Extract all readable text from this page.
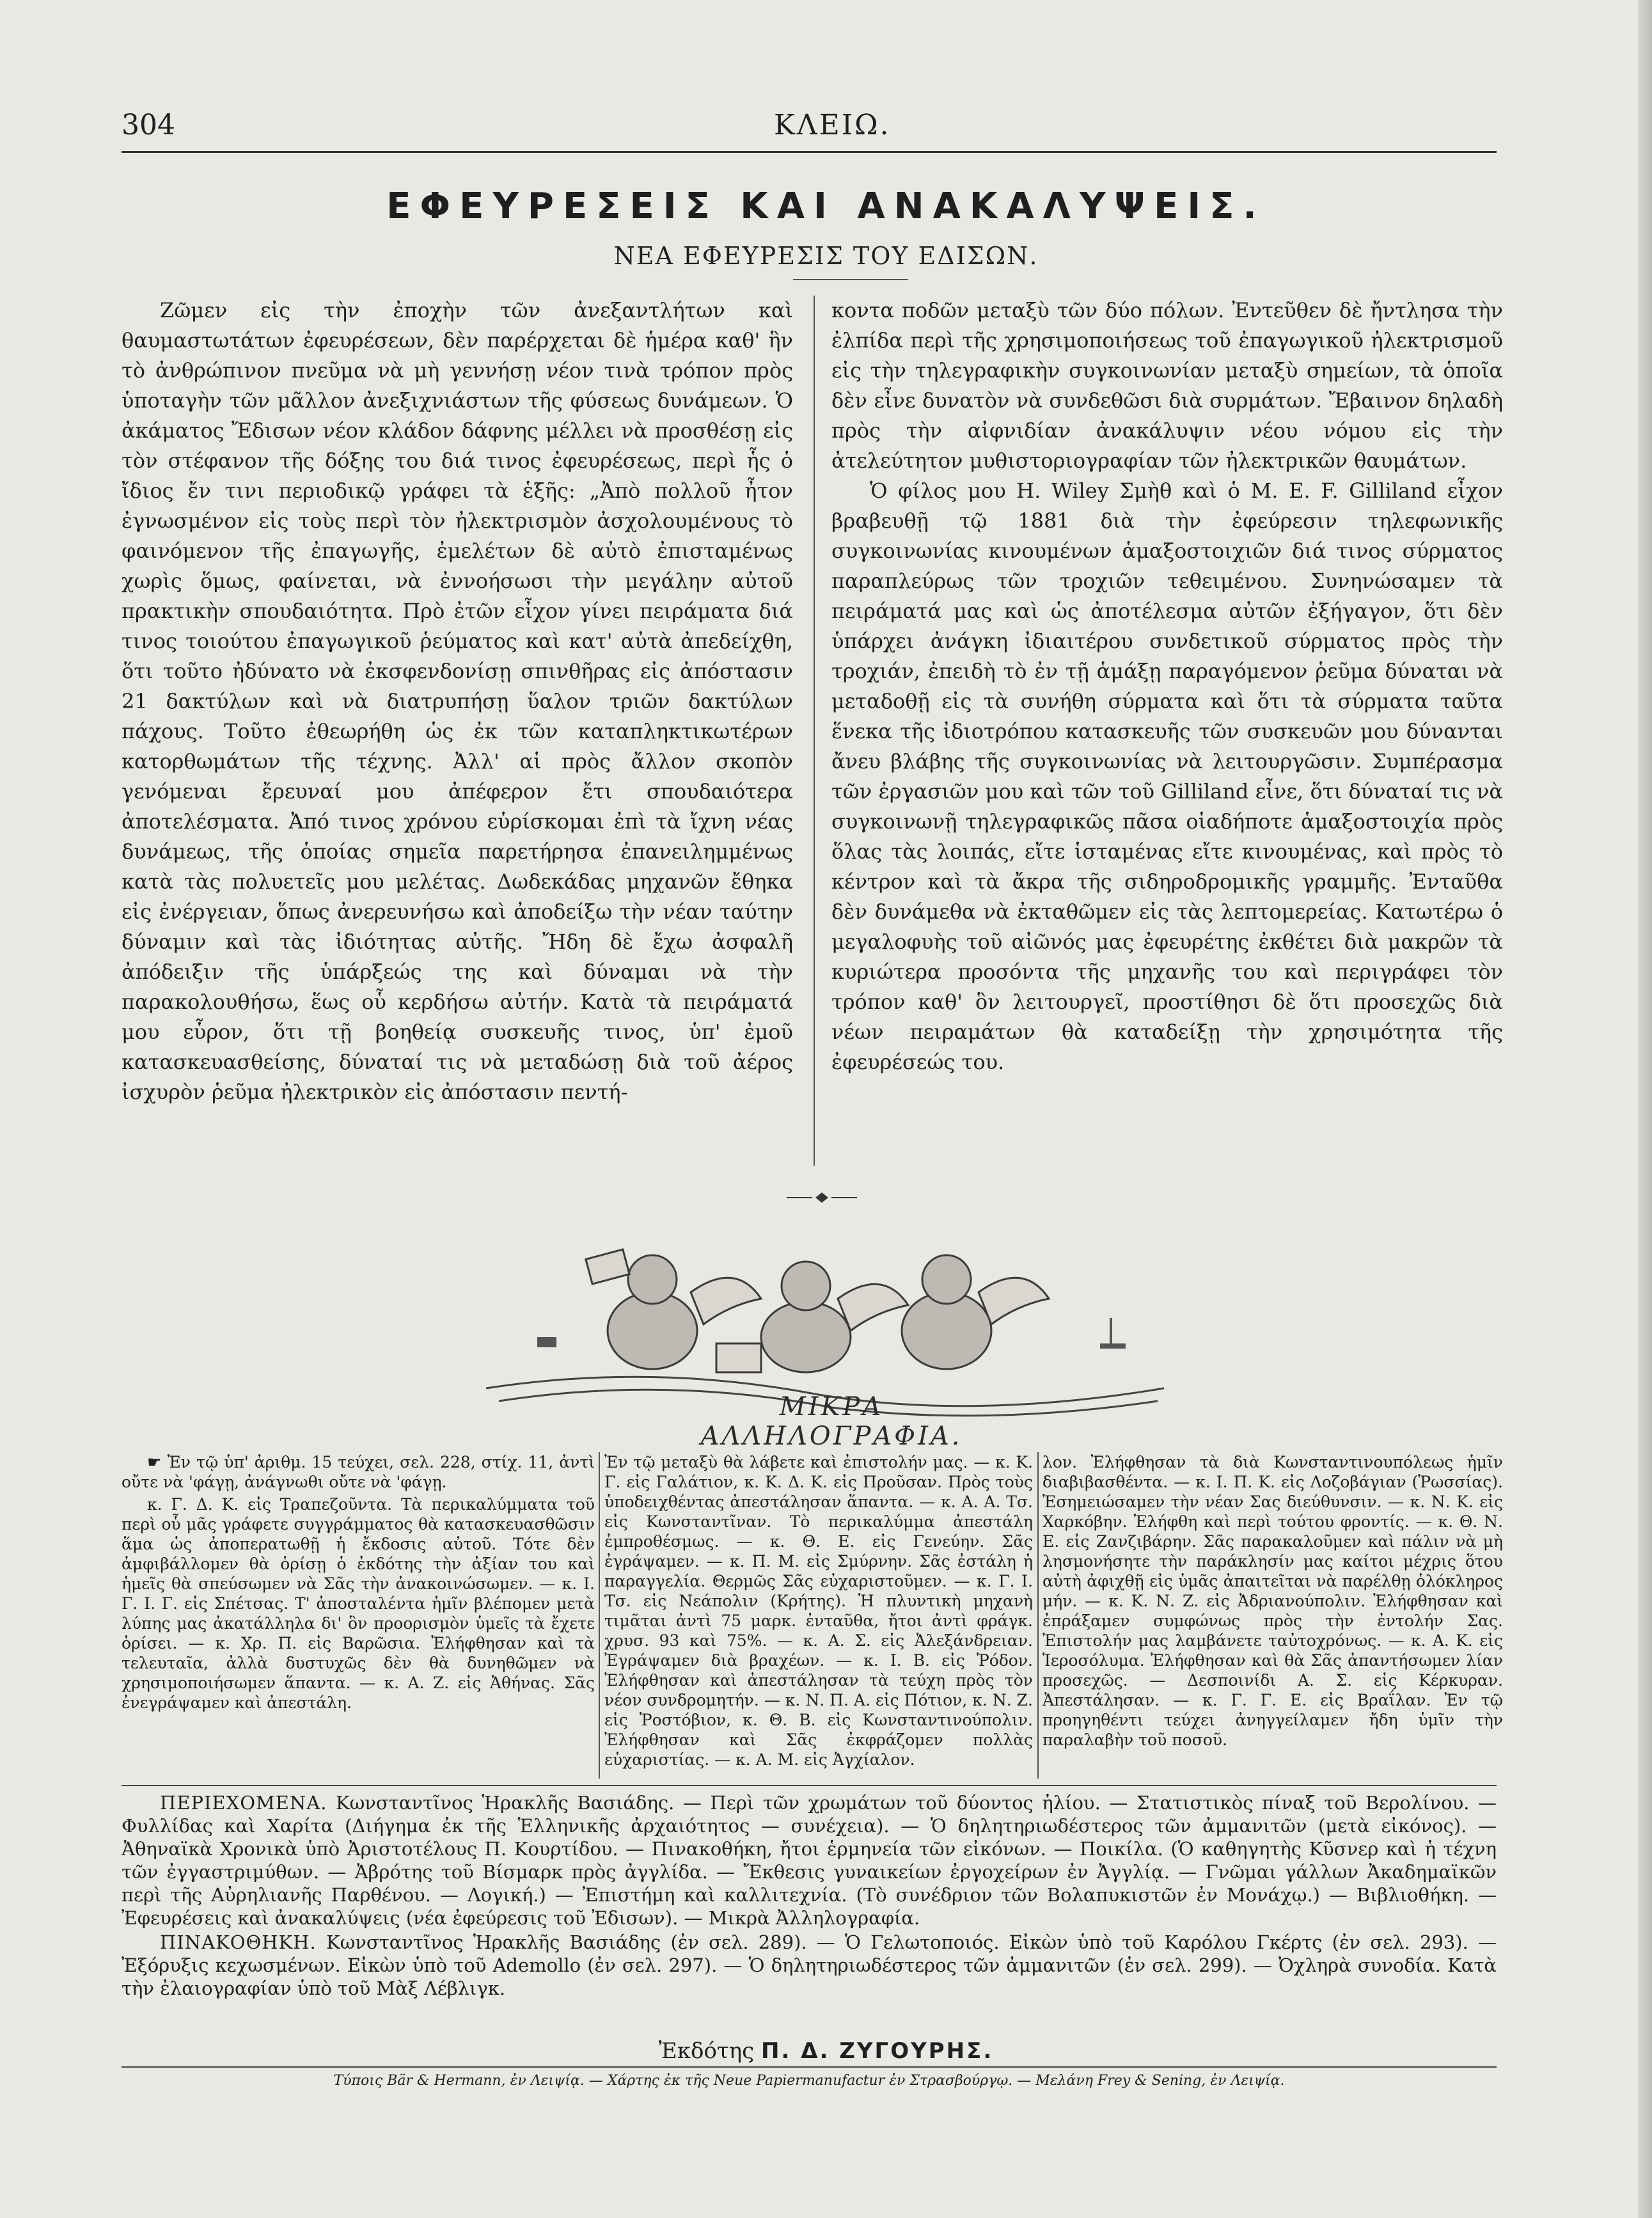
304	ΚΛΕΙΩ.
ΕΦΕΥΡΕΣΕΙΣ ΚΑΙ ΑΝΑΚΑΛΥΨΕΙΣ.
ΝΕΑ ΕΦΕΥΡΕΣΙΣ ΤΟΥ ΕΔΙΣΩΝ.

Ζῶμεν εἰς τὴν ἐποχὴν τῶν ἀνεξαντλήτων καὶ θαυμαστωτάτων ἐφευρέσεων, δὲν παρέρχεται δὲ ἡμέρα καθ' ἣν τὸ ἀνθρώπινον πνεῦμα νὰ μὴ γεννήσῃ νέον τινὰ τρόπον πρὸς ὑποταγὴν τῶν μᾶλλον ἀνεξιχνιάστων τῆς φύσεως δυνάμεων. Ὁ ἀκάματος Ἔδισων νέον κλάδον δάφνης μέλλει νὰ προσθέσῃ εἰς τὸν στέφανον τῆς δόξης του διά τινος ἐφευρέσεως, περὶ ἧς ὁ ἴδιος ἔν τινι περιοδικῷ γράφει τὰ ἑξῆς: „Ἀπὸ πολλοῦ ἦτον ἐγνωσμένον εἰς τοὺς περὶ τὸν ἠλεκτρισμὸν ἀσχολουμένους τὸ φαινόμενον τῆς ἐπαγωγῆς, ἐμελέτων δὲ αὐτὸ ἐπισταμένως χωρὶς ὅμως, φαίνεται, νὰ ἐννοήσωσι τὴν μεγάλην αὐτοῦ πρακτικὴν σπουδαιότητα. Πρὸ ἐτῶν εἶχον γίνει πειράματα διά τινος τοιούτου ἐπαγωγικοῦ ῥεύματος καὶ κατ' αὐτὰ ἀπεδείχθη, ὅτι τοῦτο ἠδύνατο νὰ ἐκσφενδονίσῃ σπινθῆρας εἰς ἀπόστασιν 21 δακτύλων καὶ νὰ διατρυπήσῃ ὕαλον τριῶν δακτύλων πάχους. Τοῦτο ἐθεωρήθη ὡς ἐκ τῶν καταπληκτικωτέρων κατορθωμάτων τῆς τέχνης. Ἀλλ' αἱ πρὸς ἄλλον σκοπὸν γενόμεναι ἔρευναί μου ἀπέφερον ἔτι σπουδαιότερα ἀποτελέσματα. Ἀπό τινος χρόνου εὑρίσκομαι ἐπὶ τὰ ἴχνη νέας δυνάμεως, τῆς ὁποίας σημεῖα παρετήρησα ἐπανειλημμένως κατὰ τὰς πολυετεῖς μου μελέτας. Δωδεκάδας μηχανῶν ἔθηκα εἰς ἐνέργειαν, ὅπως ἀνερευνήσω καὶ ἀποδείξω τὴν νέαν ταύτην δύναμιν καὶ τὰς ἰδιότητας αὐτῆς. Ἤδη δὲ ἔχω ἀσφαλῆ ἀπόδειξιν τῆς ὑπάρξεώς της καὶ δύναμαι νὰ τὴν παρακολουθήσω, ἕως οὗ κερδήσω αὐτήν. Κατὰ τὰ πειράματά μου εὗρον, ὅτι τῇ βοηθείᾳ συσκευῆς τινος, ὑπ' ἐμοῦ κατασκευασθείσης, δύναταί τις νὰ μεταδώσῃ διὰ τοῦ ἀέρος ἰσχυρὸν ῥεῦμα ἠλεκτρικὸν εἰς ἀπόστασιν πεντή-

κοντα ποδῶν μεταξὺ τῶν δύο πόλων. Ἐντεῦθεν δὲ ἤντλησα τὴν ἐλπίδα περὶ τῆς χρησιμοποιήσεως τοῦ ἐπαγωγικοῦ ἠλεκτρισμοῦ εἰς τὴν τηλεγραφικὴν συγκοινωνίαν μεταξὺ σημείων, τὰ ὁποῖα δὲν εἶνε δυνατὸν νὰ συνδεθῶσι διὰ συρμάτων. Ἔβαινον δηλαδὴ πρὸς τὴν αἰφνιδίαν ἀνακάλυψιν νέου νόμου εἰς τὴν ἀτελεύτητον μυθιστοριογραφίαν τῶν ἠλεκτρικῶν θαυμάτων.

Ὁ φίλος μου H. Wiley Σμὴθ καὶ ὁ M. E. F. Gilliland εἶχον βραβευθῇ τῷ 1881 διὰ τὴν ἐφεύρεσιν τηλεφωνικῆς συγκοινωνίας κινουμένων ἁμαξοστοιχιῶν διά τινος σύρματος παραπλεύρως τῶν τροχιῶν τεθειμένου. Συνηνώσαμεν τὰ πειράματά μας καὶ ὡς ἀποτέλεσμα αὐτῶν ἐξήγαγον, ὅτι δὲν ὑπάρχει ἀνάγκη ἰδιαιτέρου συνδετικοῦ σύρματος πρὸς τὴν τροχιάν, ἐπειδὴ τὸ ἐν τῇ ἁμάξῃ παραγόμενον ῥεῦμα δύναται νὰ μεταδοθῇ εἰς τὰ συνήθη σύρματα καὶ ὅτι τὰ σύρματα ταῦτα ἕνεκα τῆς ἰδιοτρόπου κατασκευῆς τῶν συσκευῶν μου δύνανται ἄνευ βλάβης τῆς συγκοινωνίας νὰ λειτουργῶσιν. Συμπέρασμα τῶν ἐργασιῶν μου καὶ τῶν τοῦ Gilliland εἶνε, ὅτι δύναταί τις νὰ συγκοινωνῇ τηλεγραφικῶς πᾶσα οἱαδήποτε ἁμαξοστοιχία πρὸς ὅλας τὰς λοιπάς, εἴτε ἱσταμένας εἴτε κινουμένας, καὶ πρὸς τὸ κέντρον καὶ τὰ ἄκρα τῆς σιδηροδρομικῆς γραμμῆς. Ἐνταῦθα δὲν δυνάμεθα νὰ ἐκταθῶμεν εἰς τὰς λεπτομερείας. Κατωτέρω ὁ μεγαλοφυὴς τοῦ αἰῶνός μας ἐφευρέτης ἐκθέτει διὰ μακρῶν τὰ κυριώτερα προσόντα τῆς μηχανῆς του καὶ περιγράφει τὸν τρόπον καθ' ὃν λειτουργεῖ, προστίθησι δὲ ὅτι προσεχῶς διὰ νέων πειραμάτων θὰ καταδείξῃ τὴν χρησιμότητα τῆς ἐφευρέσεώς του.

ΜΙΚΡΑ ΑΛΛΗΛΟΓΡΑΦΙΑ.

☛ Ἐν τῷ ὑπ' ἀριθμ. 15 τεύχει, σελ. 228, στίχ. 11, ἀντὶ οὔτε νὰ 'φάγῃ, ἀνάγνωθι οὔτε νὰ 'φάγῃ.

κ. Γ. Δ. Κ. εἰς Τραπεζοῦντα. Τὰ περικαλύμματα τοῦ περὶ οὗ μᾶς γράφετε συγγράμματος θὰ κατασκευασθῶσιν ἅμα ὡς ἀποπερατωθῇ ἡ ἔκδοσις αὐτοῦ. Τότε δὲν ἀμφιβάλλομεν θὰ ὁρίσῃ ὁ ἐκδότης τὴν ἀξίαν του καὶ ἡμεῖς θὰ σπεύσωμεν νὰ Σᾶς τὴν ἀνακοινώσωμεν. — κ. Ι. Γ. Ι. Γ. εἰς Σπέτσας. Τ' ἀποσταλέντα ἡμῖν βλέπομεν μετὰ λύπης μας ἀκατάλληλα δι' ὃν προορισμὸν ὑμεῖς τὰ ἔχετε ὁρίσει. — κ. Χρ. Π. εἰς Βαρῶσια. Ἐλήφθησαν καὶ τὰ τελευταῖα, ἀλλὰ δυστυχῶς δὲν θὰ δυνηθῶμεν νὰ χρησιμοποιήσωμεν ἅπαντα. — κ. Α. Ζ. εἰς Ἀθήνας. Σᾶς ἐνεγράψαμεν καὶ ἀπεστάλη.

Ἐν τῷ μεταξὺ θὰ λάβετε καὶ ἐπιστολήν μας. — κ. Κ. Γ. εἰς Γαλάτιον, κ. Κ. Δ. Κ. εἰς Προῦσαν. Πρὸς τοὺς ὑποδειχθέντας ἀπεστάλησαν ἅπαντα. — κ. Α. Α. Τσ. εἰς Κωνσταντῖναν. Τὸ περικαλύμμα ἀπεστάλη ἐμπροθέσμως. — κ. Θ. Ε. εἰς Γενεύην. Σᾶς ἐγράψαμεν. — κ. Π. Μ. εἰς Σμύρνην. Σᾶς ἐστάλη ἡ παραγγελία. Θερμῶς Σᾶς εὐχαριστοῦμεν. — κ. Γ. Ι. Τσ. εἰς Νεάπολιν (Κρήτης). Ἡ πλυντικὴ μηχανὴ τιμᾶται ἀντὶ 75 μαρκ. ἐνταῦθα, ἤτοι ἀντὶ φράγκ. χρυσ. 93 καὶ 75%. — κ. Α. Σ. εἰς Ἀλεξάνδρειαν. Ἐγράψαμεν διὰ βραχέων. — κ. Ι. Β. εἰς Ῥόδον. Ἐλήφθησαν καὶ ἀπεστάλησαν τὰ τεύχη πρὸς τὸν νέον συνδρομητήν. — κ. Ν. Π. Α. εἰς Πότιον, κ. Ν. Ζ. εἰς Ῥοστόβιον, κ. Θ. Β. εἰς Κωνσταντινούπολιν. Ἐλήφθησαν καὶ Σᾶς ἐκφράζομεν πολλὰς εὐχαριστίας. — κ. Α. Μ. εἰς Ἀγχίαλον.

λον. Ἐλήφθησαν τὰ διὰ Κωνσταντινουπόλεως ἡμῖν διαβιβασθέντα. — κ. Ι. Π. Κ. εἰς Λοζοβάγιαν (Ῥωσσίας). Ἐσημειώσαμεν τὴν νέαν Σας διεύθυνσιν. — κ. Ν. Κ. εἰς Χαρκόβην. Ἐλήφθη καὶ περὶ τούτου φροντίς. — κ. Θ. Ν. Ε. εἰς Ζανζιβάρην. Σᾶς παρακαλοῦμεν καὶ πάλιν νὰ μὴ λησμονήσητε τὴν παράκλησίν μας καίτοι μέχρις ὅτου αὐτὴ ἀφιχθῇ εἰς ὑμᾶς ἀπαιτεῖται νὰ παρέλθῃ ὁλόκληρος μήν. — κ. Κ. Ν. Ζ. εἰς Ἀδριανούπολιν. Ἐλήφθησαν καὶ ἐπράξαμεν συμφώνως πρὸς τὴν ἐντολήν Σας. Ἐπιστολήν μας λαμβάνετε ταὐτοχρόνως. — κ. Α. Κ. εἰς Ἱεροσόλυμα. Ἐλήφθησαν καὶ θὰ Σᾶς ἀπαντήσωμεν λίαν προσεχῶς. — Δεσποινίδι Α. Σ. εἰς Κέρκυραν. Ἀπεστάλησαν. — κ. Γ. Γ. Ε. εἰς Βραΐλαν. Ἐν τῷ προηγηθέντι τεύχει ἀνηγγείλαμεν ἤδη ὑμῖν τὴν παραλαβὴν τοῦ ποσοῦ.

ΠΕΡΙΕΧΟΜΕΝΑ. Κωνσταντῖνος Ἡρακλῆς Βασιάδης. — Περὶ τῶν χρωμάτων τοῦ δύοντος ἡλίου. — Στατιστικὸς πίναξ τοῦ Βερολίνου. — Φυλλίδας καὶ Χαρίτα (Διήγημα ἐκ τῆς Ἑλληνικῆς ἀρχαιότητος — συνέχεια). — Ὁ δηλητηριωδέστερος τῶν ἀμμανιτῶν (μετὰ εἰκόνος). — Ἀθηναϊκὰ Χρονικὰ ὑπὸ Ἀριστοτέλους Π. Κουρτίδου. — Πινακοθήκη, ἤτοι ἑρμηνεία τῶν εἰκόνων. — Ποικίλα. (Ὁ καθηγητὴς Κῦσνερ καὶ ἡ τέχνη τῶν ἐγγαστριμύθων. — Ἀβρότης τοῦ Βίσμαρκ πρὸς ἀγγλίδα. — Ἔκθεσις γυναικείων ἐργοχείρων ἐν Ἀγγλίᾳ. — Γνῶμαι γάλλων Ἀκαδημαϊκῶν περὶ τῆς Αὐρηλιανῆς Παρθένου. — Λογική.) — Ἐπιστήμη καὶ καλλιτεχνία. (Τὸ συνέδριον τῶν Βολαπυκιστῶν ἐν Μονάχῳ.) — Βιβλιοθήκη. — Ἐφευρέσεις καὶ ἀνακαλύψεις (νέα ἐφεύρεσις τοῦ Ἐδισων). — Μικρὰ Ἀλληλογραφία.

ΠΙΝΑΚΟΘΗΚΗ. Κωνσταντῖνος Ἡρακλῆς Βασιάδης (ἐν σελ. 289). — Ὁ Γελωτοποιός. Εἰκὼν ὑπὸ τοῦ Καρόλου Γκέρτς (ἐν σελ. 293). — Ἐξόρυξις κεχωσμένων. Εἰκὼν ὑπὸ τοῦ Ademollo (ἐν σελ. 297). — Ὁ δηλητηριωδέστερος τῶν ἀμμανιτῶν (ἐν σελ. 299). — Ὀχληρὰ συνοδία. Κατὰ τὴν ἐλαιογραφίαν ὑπὸ τοῦ Μὰξ Λέβλιγκ.

Ἐκδότης Π. Δ. ΖΥΓΟΥΡΗΣ.
Τύποις Bär & Hermann, ἐν Λειψίᾳ. — Χάρτης ἐκ τῆς Neue Papiermanufactur ἐν Στρασβούργῳ. — Μελάνη Frey & Sening, ἐν Λειψίᾳ.
